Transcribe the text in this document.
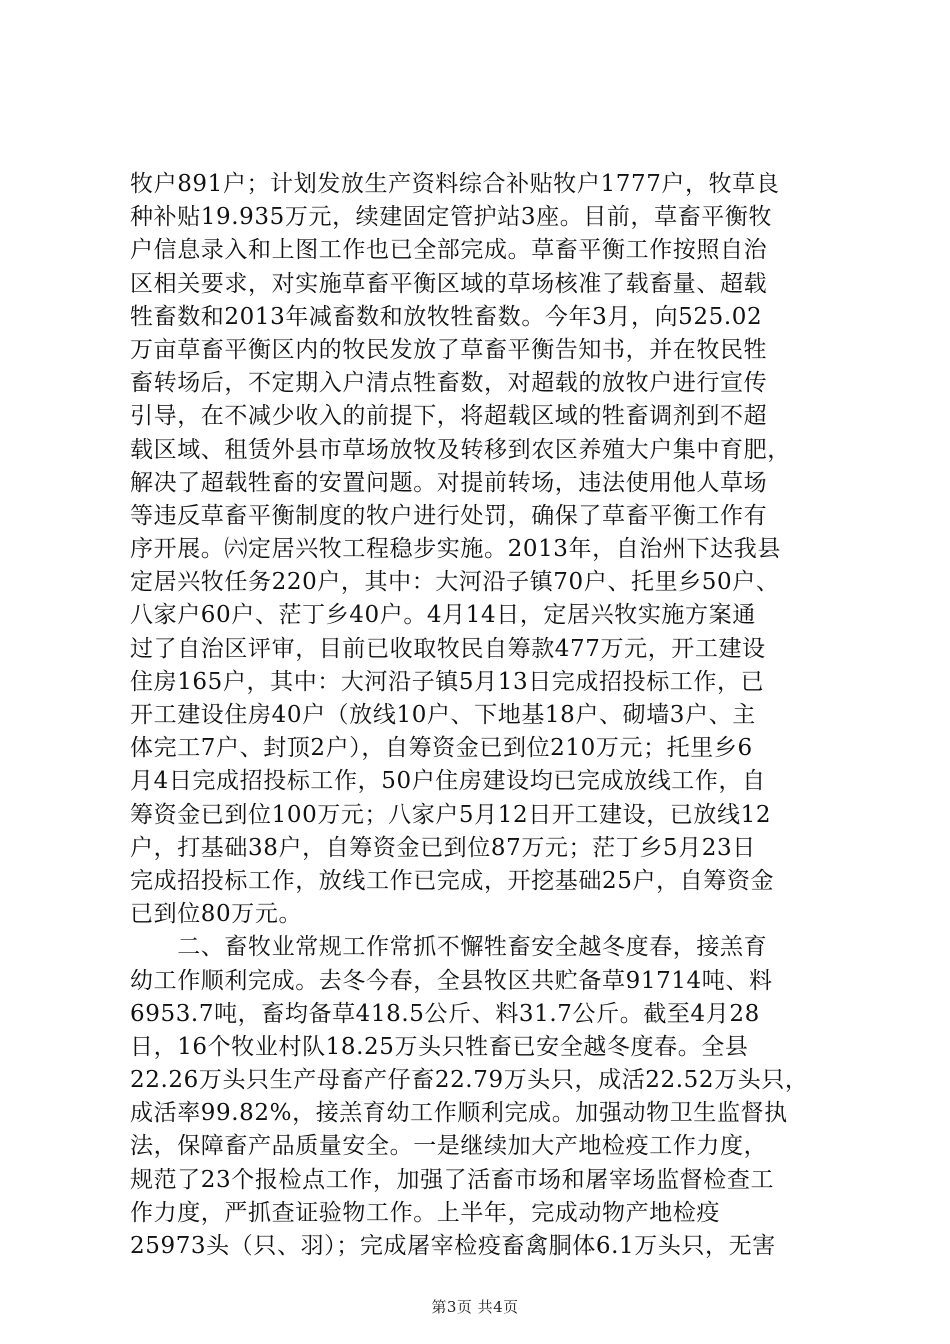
牧户891户；计划发放生产资料综合补贴牧户1777户，牧草良
种补贴19.935万元，续建固定管护站3座。目前，草畜平衡牧
户信息录入和上图工作也已全部完成。草畜平衡工作按照自治
区相关要求，对实施草畜平衡区域的草场核准了载畜量、超载
牲畜数和2013年减畜数和放牧牲畜数。今年3月，向525.02
万亩草畜平衡区内的牧民发放了草畜平衡告知书，并在牧民牲
畜转场后，不定期入户清点牲畜数，对超载的放牧户进行宣传
引导，在不减少收入的前提下，将超载区域的牲畜调剂到不超
载区域、租赁外县市草场放牧及转移到农区养殖大户集中育肥，
解决了超载牲畜的安置问题。对提前转场，违法使用他人草场
等违反草畜平衡制度的牧户进行处罚，确保了草畜平衡工作有
序开展。㈥定居兴牧工程稳步实施。2013年，自治州下达我县
定居兴牧任务220户，其中：大河沿子镇70户、托里乡50户、
八家户60户、茫丁乡40户。4月14日，定居兴牧实施方案通
过了自治区评审，目前已收取牧民自筹款477万元，开工建设
住房165户，其中：大河沿子镇5月13日完成招投标工作，已
开工建设住房40户（放线10户、下地基18户、砌墙3户、主
体完工7户、封顶2户），自筹资金已到位210万元；托里乡6
月4日完成招投标工作，50户住房建设均已完成放线工作，自
筹资金已到位100万元；八家户5月12日开工建设，已放线12
户，打基础38户，自筹资金已到位87万元；茫丁乡5月23日
完成招投标工作，放线工作已完成，开挖基础25户，自筹资金
已到位80万元。
　　二、畜牧业常规工作常抓不懈牲畜安全越冬度春，接羔育
幼工作顺利完成。去冬今春，全县牧区共贮备草91714吨、料
6953.7吨，畜均备草418.5公斤、料31.7公斤。截至4月28
日，16个牧业村队18.25万头只牲畜已安全越冬度春。全县
22.26万头只生产母畜产仔畜22.79万头只，成活22.52万头只，
成活率99.82%，接羔育幼工作顺利完成。加强动物卫生监督执
法，保障畜产品质量安全。一是继续加大产地检疫工作力度，
规范了23个报检点工作，加强了活畜市场和屠宰场监督检查工
作力度，严抓查证验物工作。上半年，完成动物产地检疫
25973头（只、羽）；完成屠宰检疫畜禽胴体6.1万头只，无害
第3页 共4页
